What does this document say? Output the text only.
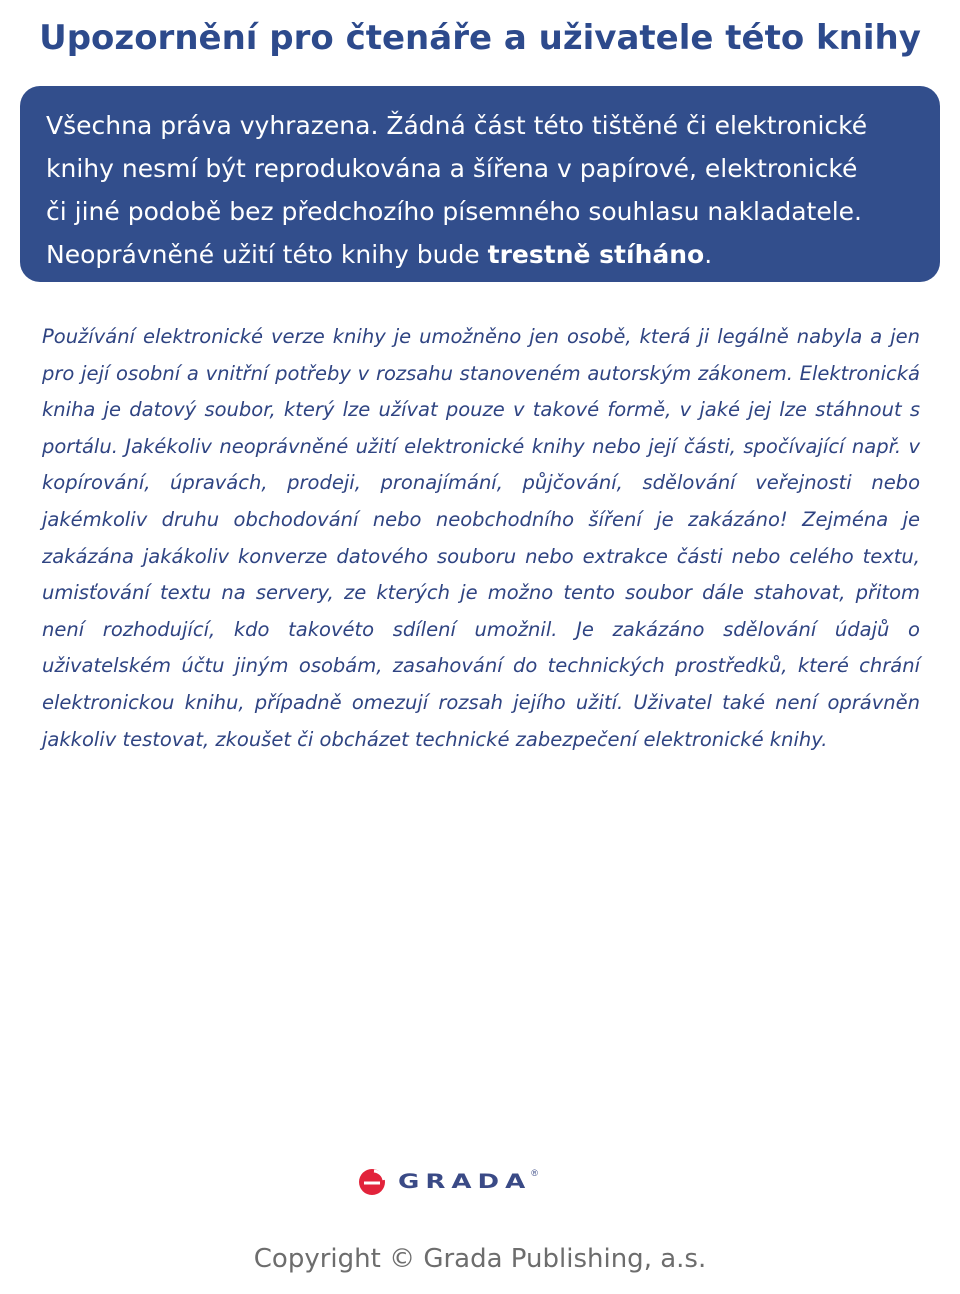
Upozornění pro čtenáře a uživatele této knihy
Všechna práva vyhrazena. Žádná část této tištěné či elektronické
knihy nesmí být reprodukována a šířena v papírové, elektronické
či jiné podobě bez předchozího písemného souhlasu nakladatele.
Neoprávněné užití této knihy bude trestně stíháno.
Používání elektronické verze knihy je umožněno jen osobě, která ji legálně nabyla a jen pro její osobní a vnitřní potřeby v rozsahu stanoveném autorským zákonem. Elektronická kniha je datový soubor, který lze užívat pouze v takové formě, v jaké jej lze stáhnout s portálu. Jakékoliv neoprávněné užití elektronické knihy nebo její části, spočívající např. v kopírování, úpravách, prodeji, pronajímání, půjčování, sdělování veřejnosti nebo jakémkoliv druhu obchodování nebo neobchodního šíření je zakázáno! Zejména je zakázána jakákoliv konverze datového souboru nebo extrakce části nebo celého textu, umisťování textu na servery, ze kterých je možno tento soubor dále stahovat, přitom není rozhodující, kdo takovéto sdílení umožnil. Je zakázáno sdělování údajů o uživatelském účtu jiným osobám, zasahování do technických prostředků, které chrání elektronickou knihu, případně omezují rozsah jejího užití. Uživatel také není oprávněn jakkoliv testovat, zkoušet či obcházet technické zabezpečení elektronické knihy.
GRADA ®
Copyright © Grada Publishing, a.s.
